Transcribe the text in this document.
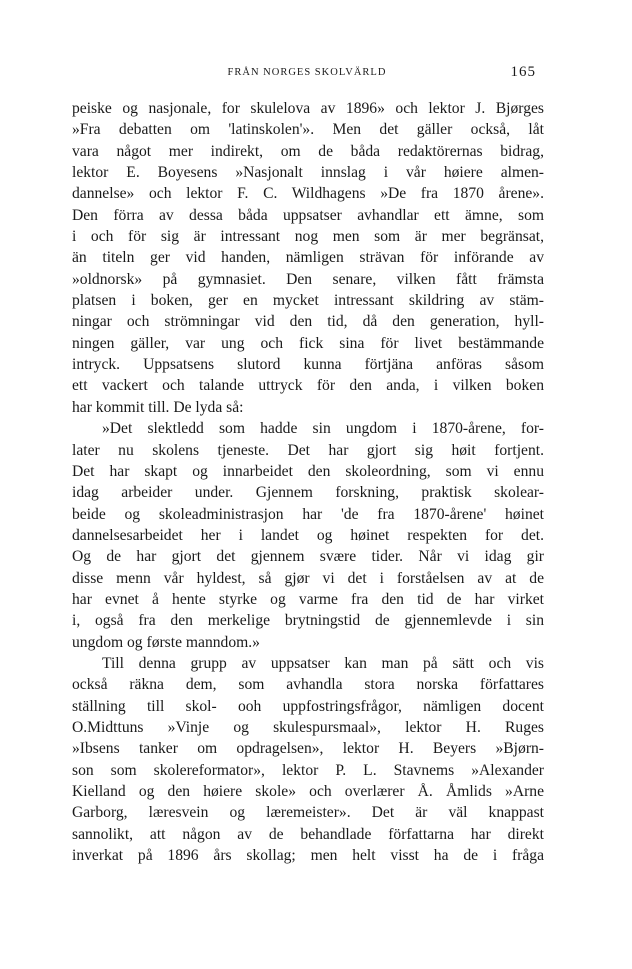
FRÅN NORGES SKOLVÄRLD	165
peiske og nasjonale, for skulelova av 1896» och lektor J. Bjørges
»Fra debatten om 'latinskolen'». Men det gäller också, låt
vara något mer indirekt, om de båda redaktörernas bidrag,
lektor E. Boyesens »Nasjonalt innslag i vår høiere almen-
dannelse» och lektor F. C. Wildhagens »De fra 1870 årene».
Den förra av dessa båda uppsatser avhandlar ett ämne, som
i och för sig är intressant nog men som är mer begränsat,
än titeln ger vid handen, nämligen strävan för införande av
»oldnorsk» på gymnasiet. Den senare, vilken fått främsta
platsen i boken, ger en mycket intressant skildring av stäm-
ningar och strömningar vid den tid, då den generation, hyll-
ningen gäller, var ung och fick sina för livet bestämmande
intryck. Uppsatsens slutord kunna förtjäna anföras såsom
ett vackert och talande uttryck för den anda, i vilken boken
har kommit till. De lyda så:
»Det slektledd som hadde sin ungdom i 1870-årene, for-
later nu skolens tjeneste. Det har gjort sig høit fortjent.
Det har skapt og innarbeidet den skoleordning, som vi ennu
idag arbeider under. Gjennem forskning, praktisk skolear-
beide og skoleadministrasjon har 'de fra 1870-årene' høinet
dannelsesarbeidet her i landet og høinet respekten for det.
Og de har gjort det gjennem svære tider. Når vi idag gir
disse menn vår hyldest, så gjør vi det i forståelsen av at de
har evnet å hente styrke og varme fra den tid de har virket
i, også fra den merkelige brytningstid de gjennemlevde i sin
ungdom og første manndom.»
Till denna grupp av uppsatser kan man på sätt och vis
också räkna dem, som avhandla stora norska författares
ställning till skol- ooh uppfostringsfrågor, nämligen docent
O.Midttuns »Vinje og skulespursmaal», lektor H. Ruges
»Ibsens tanker om opdragelsen», lektor H. Beyers »Bjørn-
son som skolereformator», lektor P. L. Stavnems »Alexander
Kielland og den høiere skole» och overlærer Å. Åmlids »Arne
Garborg, læresvein og læremeister». Det är väl knappast
sannolikt, att någon av de behandlade författarna har direkt
inverkat på 1896 års skollag; men helt visst ha de i fråga
